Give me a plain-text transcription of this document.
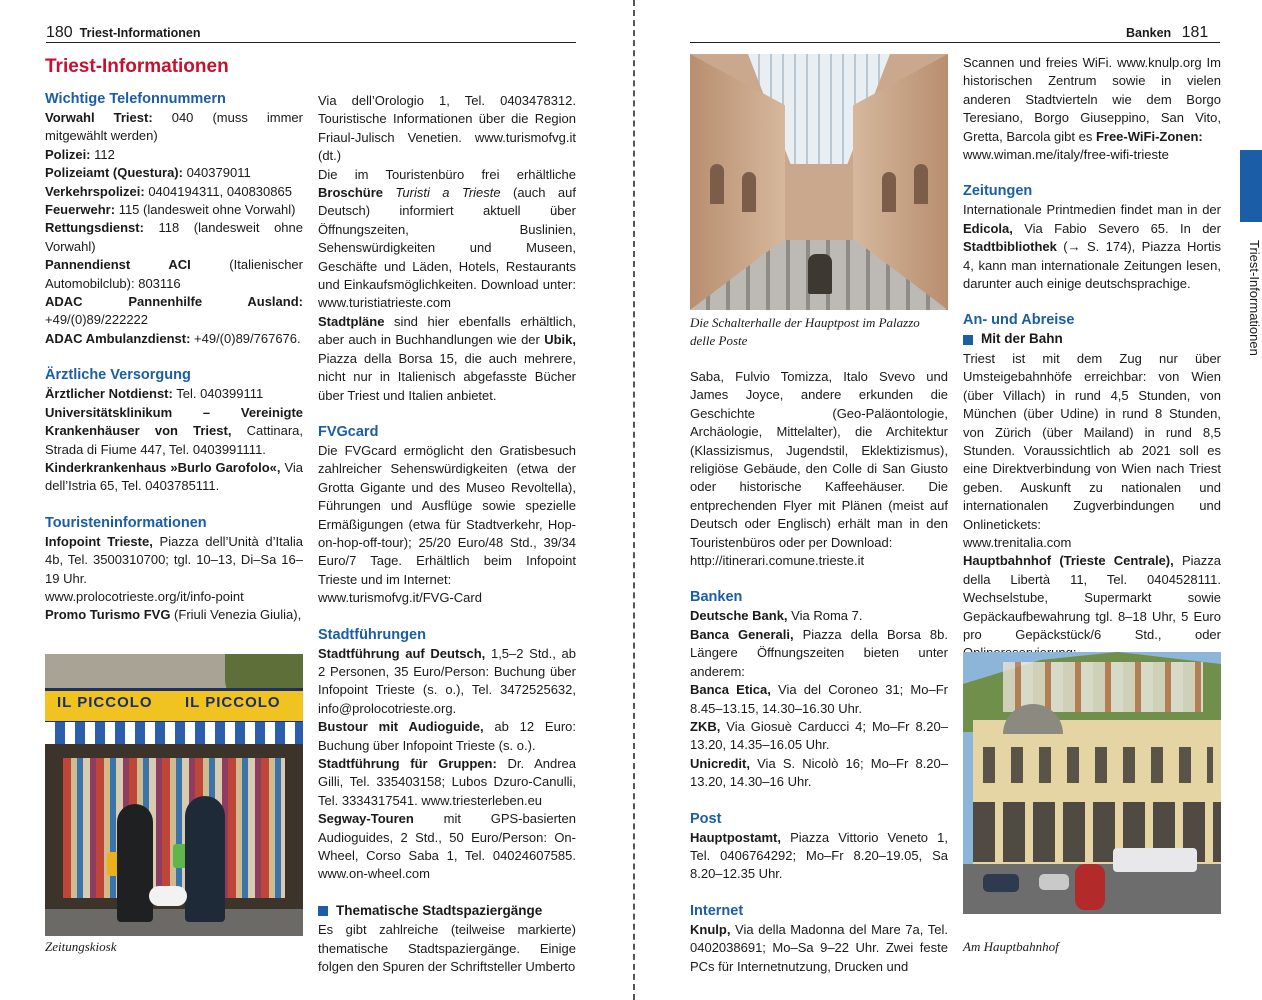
180 Triest-Informationen
Triest-Informationen
Wichtige Telefonnummern

Vorwahl Triest: 040 (muss immer mitgewählt werden)

Polizei: 112

Polizeiamt (Questura): 040379011

Verkehrspolizei: 0404194311, 040830865

Feuerwehr: 115 (landesweit ohne Vorwahl)

Rettungsdienst: 118 (landesweit ohne Vorwahl)

Pannendienst ACI (Italienischer Automobilclub): 803116

ADAC Pannenhilfe Ausland: +49/(0)89/222222

ADAC Ambulanzdienst: +49/(0)89/767676.

Ärztliche Versorgung

Ärztlicher Notdienst: Tel. 040399111

Universitätsklinikum – Vereinigte Krankenhäuser von Triest, Cattinara, Strada di Fiume 447, Tel. 0403991111.

Kinderkrankenhaus »Burlo Garofolo«, Via dell’Istria 65, Tel. 0403785111.

Touristeninformationen

Infopoint Trieste, Piazza dell’Unità d’Italia 4b, Tel. 3500310700; tgl. 10–13, Di–Sa 16–19 Uhr.

www.prolocotrieste.org/it/info-point

Promo Turismo FVG (Friuli Venezia Giulia),

IL PICCOLO IL PICCOLO
Zeitungskiosk

Via dell’Orologio 1, Tel. 0403478312. Touristische Informationen über die Region Friaul-Julisch Venetien. www.turismofvg.it (dt.)

Die im Touristenbüro frei erhältliche Broschüre Turisti a Trieste (auch auf Deutsch) informiert aktuell über Öffnungszeiten, Buslinien, Sehenswürdigkeiten und Museen, Geschäfte und Läden, Hotels, Restaurants und Einkaufsmöglichkeiten. Download unter: www.turistiatrieste.com

Stadtpläne sind hier ebenfalls erhältlich, aber auch in Buchhandlungen wie der Ubik, Piazza della Borsa 15, die auch mehrere, nicht nur in Italienisch abgefasste Bücher über Triest und Italien anbietet.

FVGcard

Die FVGcard ermöglicht den Gratisbesuch zahlreicher Sehenswürdigkeiten (etwa der Grotta Gigante und des Museo Revoltella), Führungen und Ausflüge sowie spezielle Ermäßigungen (etwa für Stadtverkehr, Hop-on-hop-off-tour); 25/20 Euro/48 Std., 39/34 Euro/7 Tage. Erhältlich beim Infopoint Trieste und im Internet:

www.turismofvg.it/FVG-Card

Stadtführungen

Stadtführung auf Deutsch, 1,5–2 Std., ab 2 Personen, 35 Euro/Person: Buchung über Infopoint Trieste (s. o.), Tel. 3472525632, info@prolocotrieste.org.

Bustour mit Audioguide, ab 12 Euro: Buchung über Infopoint Trieste (s. o.).

Stadtführung für Gruppen: Dr. Andrea Gilli, Tel. 335403158; Lubos Dzuro-Canulli, Tel. 3334317541. www.triesterleben.eu

Segway-Touren mit GPS-basierten Audioguides, 2 Std., 50 Euro/Person: On-Wheel, Corso Saba 1, Tel. 04024607585. www.on-wheel.com

Thematische Stadtspaziergänge

Es gibt zahlreiche (teilweise markierte) thematische Stadtspaziergänge. Einige folgen den Spuren der Schriftsteller Umberto

Banken 181
Die Schalterhalle der Hauptpost im Palazzo delle Poste

Saba, Fulvio Tomizza, Italo Svevo und James Joyce, andere erkunden die Geschichte (Geo-Paläontologie, Archäologie, Mittelalter), die Architektur (Klassizismus, Jugendstil, Eklektizismus), religiöse Gebäude, den Colle di San Giusto oder historische Kaffeehäuser. Die entprechenden Flyer mit Plänen (meist auf Deutsch oder Englisch) erhält man in den Touristenbüros oder per Download:

http://itinerari.comune.trieste.it

Banken

Deutsche Bank, Via Roma 7.

Banca Generali, Piazza della Borsa 8b. Längere Öffnungszeiten bieten unter anderem:

Banca Etica, Via del Coroneo 31; Mo–Fr 8.45–13.15, 14.30–16.30 Uhr.

ZKB, Via Giosuè Carducci 4; Mo–Fr 8.20–13.20, 14.35–16.05 Uhr.

Unicredit, Via S. Nicolò 16; Mo–Fr 8.20–13.20, 14.30–16 Uhr.

Post

Hauptpostamt, Piazza Vittorio Veneto 1, Tel. 0406764292; Mo–Fr 8.20–19.05, Sa 8.20–12.35 Uhr.

Internet

Knulp, Via della Madonna del Mare 7a, Tel. 0402038691; Mo–Sa 9–22 Uhr. Zwei feste PCs für Internetnutzung, Drucken und

Scannen und freies WiFi. www.knulp.org Im historischen Zentrum sowie in vielen anderen Stadtvierteln wie dem Borgo Teresiano, Borgo Giuseppino, San Vito, Gretta, Barcola gibt es Free-WiFi-Zonen:

www.wiman.me/italy/free-wifi-trieste

Zeitungen

Internationale Printmedien findet man in der Edicola, Via Fabio Severo 65. In der Stadtbibliothek (→ S. 174), Piazza Hortis 4, kann man internationale Zeitungen lesen, darunter auch einige deutschsprachige.

An- und Abreise
Mit der Bahn

Triest ist mit dem Zug nur über Umsteigebahnhöfe erreichbar: von Wien (über Villach) in rund 4,5 Stunden, von München (über Udine) in rund 8 Stunden, von Zürich (über Mailand) in rund 8,5 Stunden. Voraussichtlich ab 2021 soll es eine Direktverbindung von Wien nach Triest geben. Auskunft zu nationalen und internationalen Zugverbindungen und Onlinetickets:

www.trenitalia.com

Hauptbahnhof (Trieste Centrale), Piazza della Libertà 11, Tel. 0404528111. Wechselstube, Supermarkt sowie Gepäckaufbewahrung tgl. 8–18 Uhr, 5 Euro pro Gepäckstück/6 Std., oder

Am Hauptbahnhof
Triest-Informationen
